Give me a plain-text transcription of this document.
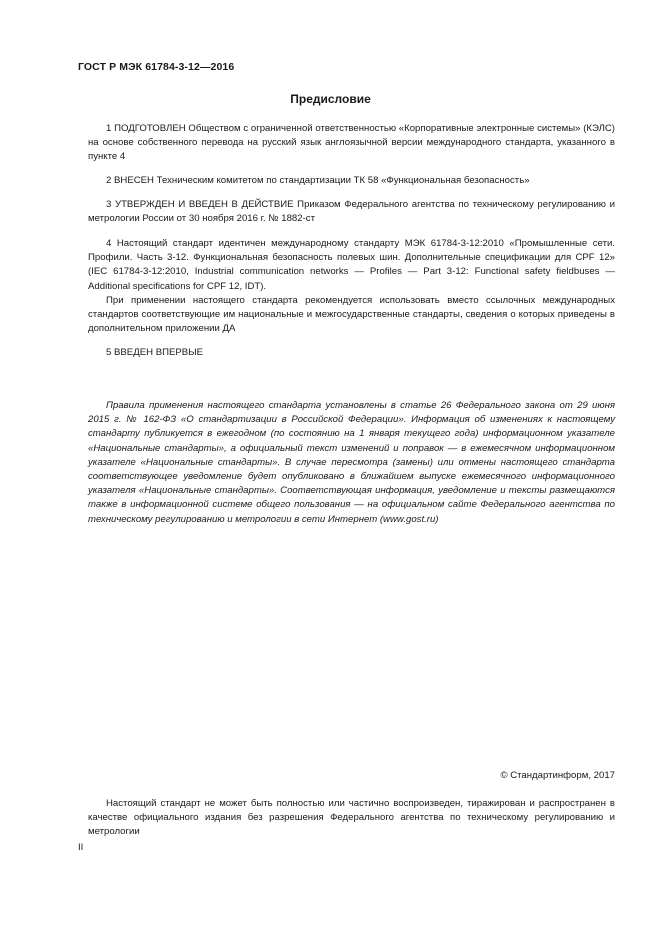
ГОСТ Р МЭК 61784-3-12—2016
Предисловие

1 ПОДГОТОВЛЕН Обществом с ограниченной ответственностью «Корпоративные электронные системы» (КЭЛС) на основе собственного перевода на русский язык англоязычной версии международного стандарта, указанного в пункте 4

2 ВНЕСЕН Техническим комитетом по стандартизации ТК 58 «Функциональная безопасность»

3 УТВЕРЖДЕН И ВВЕДЕН В ДЕЙСТВИЕ Приказом Федерального агентства по техническому регулированию и метрологии России от 30 ноября 2016 г. № 1882-ст

4 Настоящий стандарт идентичен международному стандарту МЭК 61784-3-12:2010 «Промышленные сети. Профили. Часть 3-12. Функциональная безопасность полевых шин. Дополнительные спецификации для CPF 12» (IEC 61784-3-12:2010, Industrial communication networks — Profiles — Part 3-12: Functional safety fieldbuses — Additional specifications for CPF 12, IDT).

При применении настоящего стандарта рекомендуется использовать вместо ссылочных международных стандартов соответствующие им национальные и межгосударственные стандарты, сведения о которых приведены в дополнительном приложении ДА

5 ВВЕДЕН ВПЕРВЫЕ

Правила применения настоящего стандарта установлены в статье 26 Федерального закона от 29 июня 2015 г. № 162-ФЗ «О стандартизации в Российской Федерации». Информация об изменениях к настоящему стандарту публикуется в ежегодном (по состоянию на 1 января текущего года) информационном указателе «Национальные стандарты», а официальный текст изменений и поправок — в ежемесячном информационном указателе «Национальные стандарты». В случае пересмотра (замены) или отмены настоящего стандарта соответствующее уведомление будет опубликовано в ближайшем выпуске ежемесячного информационного указателя «Национальные стандарты». Соответствующая информация, уведомление и тексты размещаются также в информационной системе общего пользования — на официальном сайте Федерального агентства по техническому регулированию и метрологии в сети Интернет (www.gost.ru)

© Стандартинформ, 2017

Настоящий стандарт не может быть полностью или частично воспроизведен, тиражирован и распространен в качестве официального издания без разрешения Федерального агентства по техническому регулированию и метрологии

II
